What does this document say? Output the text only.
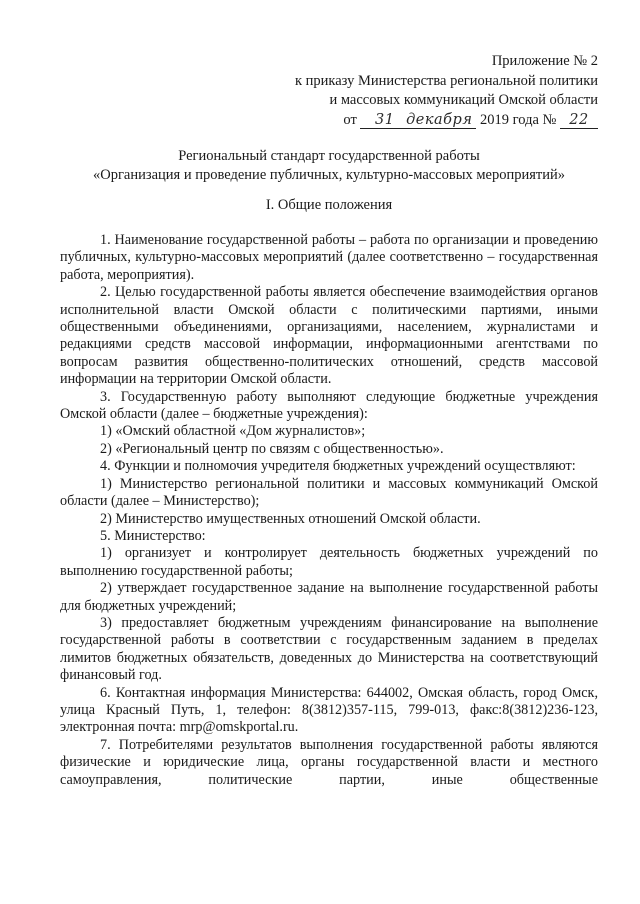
Приложение № 2
к приказу Министерства региональной политики
и массовых коммуникаций Омской области
от 31 декабря 2019 года № 22
Региональный стандарт государственной работы
«Организация и проведение публичных, культурно-массовых мероприятий»
I. Общие положения

1. Наименование государственной работы – работа по организации и проведению публичных, культурно-массовых мероприятий (далее соответственно – государственная работа, мероприятия).

2. Целью государственной работы является обеспечение взаимодействия органов исполнительной власти Омской области с политическими партиями, иными общественными объединениями, организациями, населением, журналистами и редакциями средств массовой информации, информационными агентствами по вопросам развития общественно-политических отношений, средств массовой информации на территории Омской области.

3. Государственную работу выполняют следующие бюджетные учреждения Омской области (далее – бюджетные учреждения):

1) «Омский областной «Дом журналистов»;

2) «Региональный центр по связям с общественностью».

4. Функции и полномочия учредителя бюджетных учреждений осуществляют:

1) Министерство региональной политики и массовых коммуникаций Омской области (далее – Министерство);

2) Министерство имущественных отношений Омской области.

5. Министерство:

1) организует и контролирует деятельность бюджетных учреждений по выполнению государственной работы;

2) утверждает государственное задание на выполнение государственной работы для бюджетных учреждений;

3) предоставляет бюджетным учреждениям финансирование на выполнение государственной работы в соответствии с государственным заданием в пределах лимитов бюджетных обязательств, доведенных до Министерства на соответствующий финансовый год.

6. Контактная информация Министерства: 644002, Омская область, город Омск, улица Красный Путь, 1, телефон: 8(3812)357-115, 799-013, факс:8(3812)236-123, электронная почта: mrp@omskportal.ru.

7. Потребителями результатов выполнения государственной работы являются физические и юридические лица, органы государственной власти и местного самоуправления, политические партии, иные общественные
